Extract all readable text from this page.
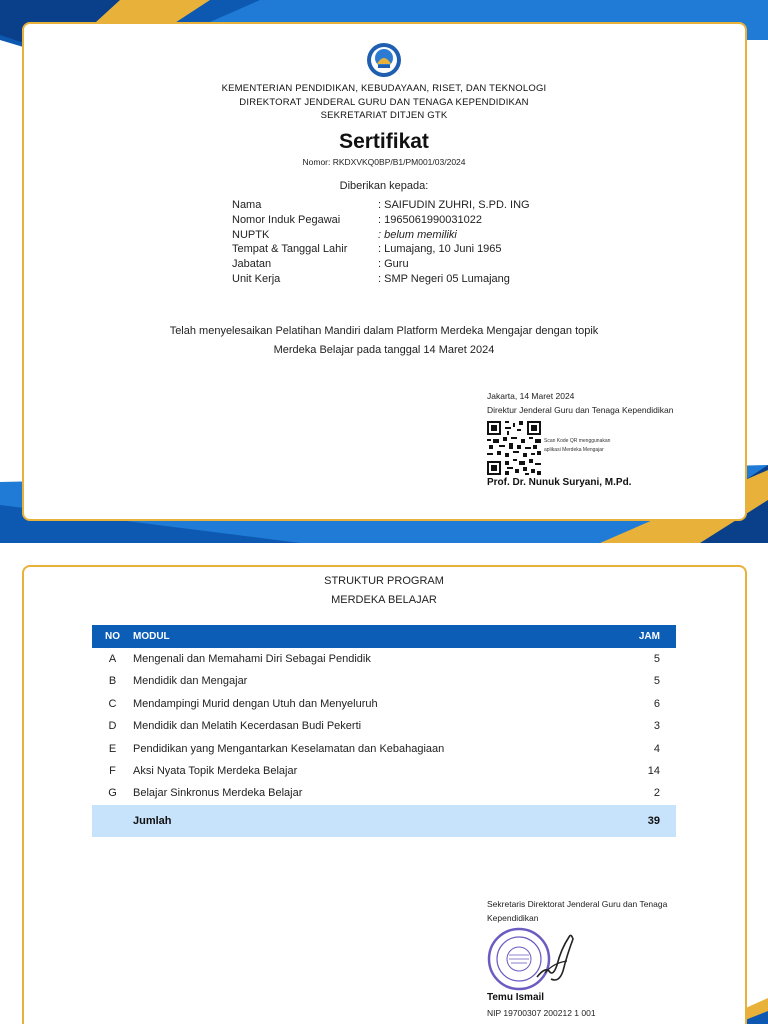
KEMENTERIAN PENDIDIKAN, KEBUDAYAAN, RISET, DAN TEKNOLOGI
DIREKTORAT JENDERAL GURU DAN TENAGA KEPENDIDIKAN
SEKRETARIAT DITJEN GTK
Sertifikat
Nomor: RKDXVKQ0BP/B1/PM001/03/2024
Diberikan kepada:
Nama	: SAIFUDIN ZUHRI, S.PD. ING
Nomor Induk Pegawai	: 1965061990031022
NUPTK	: belum memiliki
Tempat & Tanggal Lahir	: Lumajang, 10 Juni 1965
Jabatan	: Guru
Unit Kerja	: SMP Negeri 05 Lumajang
Telah menyelesaikan Pelatihan Mandiri dalam Platform Merdeka Mengajar dengan topik
Merdeka Belajar pada tanggal 14 Maret 2024
Jakarta, 14 Maret 2024
Direktur Jenderal Guru dan Tenaga Kependidikan
Scan Kode QR menggunakan
aplikasi Merdeka Mengajar
Prof. Dr. Nunuk Suryani, M.Pd.
STRUKTUR PROGRAM
MERDEKA BELAJAR
NO	MODUL	JAM
A	Mengenali dan Memahami Diri Sebagai Pendidik	5
B	Mendidik dan Mengajar	5
C	Mendampingi Murid dengan Utuh dan Menyeluruh	6
D	Mendidik dan Melatih Kecerdasan Budi Pekerti	3
E	Pendidikan yang Mengantarkan Keselamatan dan Kebahagiaan	4
F	Aksi Nyata Topik Merdeka Belajar	14
G	Belajar Sinkronus Merdeka Belajar	2
Jumlah	39
Sekretaris Direktorat Jenderal Guru dan Tenaga
Kependidikan
Temu Ismail
NIP 19700307 200212 1 001
